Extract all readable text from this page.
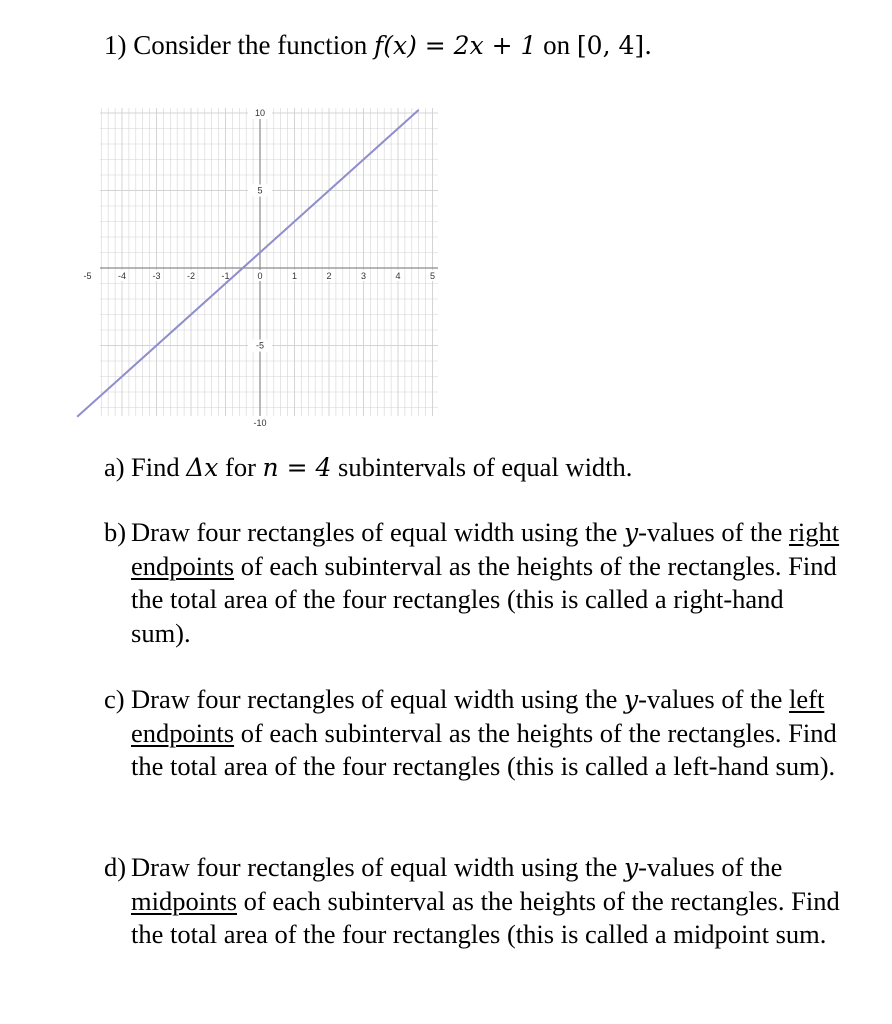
1) Consider the function f(x) = 2x + 1 on [0, 4].
-5	-4	-3	-2	-1	0	1	2	3	4	5
10
5
-5
-10

a) Find Δx for n = 4 subintervals of equal width.

b) Draw four rectangles of equal width using the y-values of the right endpoints of each subinterval as the heights of the rectangles. Find the total area of the four rectangles (this is called a right-hand sum).

c) Draw four rectangles of equal width using the y-values of the left endpoints of each subinterval as the heights of the rectangles. Find the total area of the four rectangles (this is called a left-hand sum).

d) Draw four rectangles of equal width using the y-values of the midpoints of each subinterval as the heights of the rectangles. Find the total area of the four rectangles (this is called a midpoint sum.
